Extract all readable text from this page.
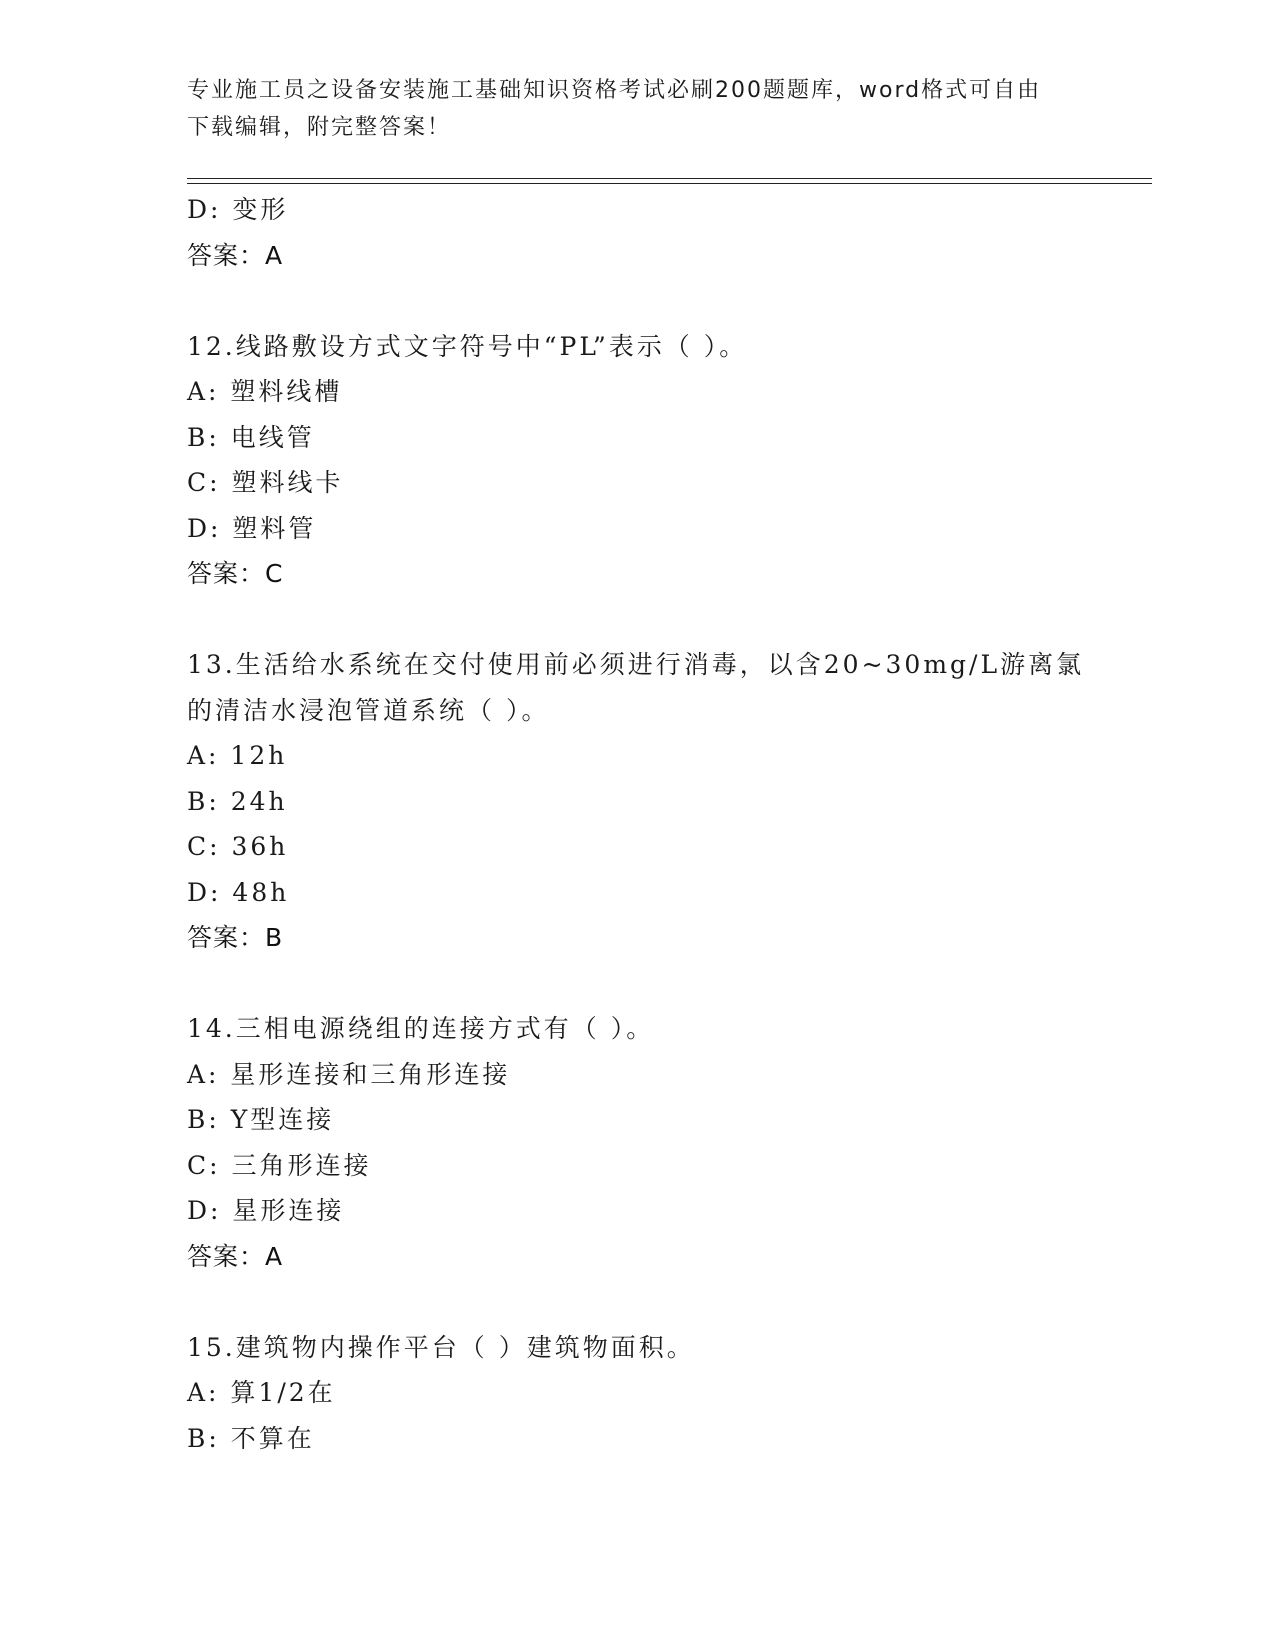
专业施工员之设备安装施工基础知识资格考试必刷200题题库，word格式可自由
下载编辑，附完整答案！
D: 变形
答案：A
12.线路敷设方式文字符号中“PL”表示（ ）。
A: 塑料线槽
B: 电线管
C: 塑料线卡
D: 塑料管
答案：C
13.生活给水系统在交付使用前必须进行消毒，以含20~30mg/L游离氯
的清洁水浸泡管道系统（ ）。
A: 12h
B: 24h
C: 36h
D: 48h
答案：B
14.三相电源绕组的连接方式有（ ）。
A: 星形连接和三角形连接
B: Y型连接
C: 三角形连接
D: 星形连接
答案：A
15.建筑物内操作平台（ ）建筑物面积。
A: 算1/2在
B: 不算在
